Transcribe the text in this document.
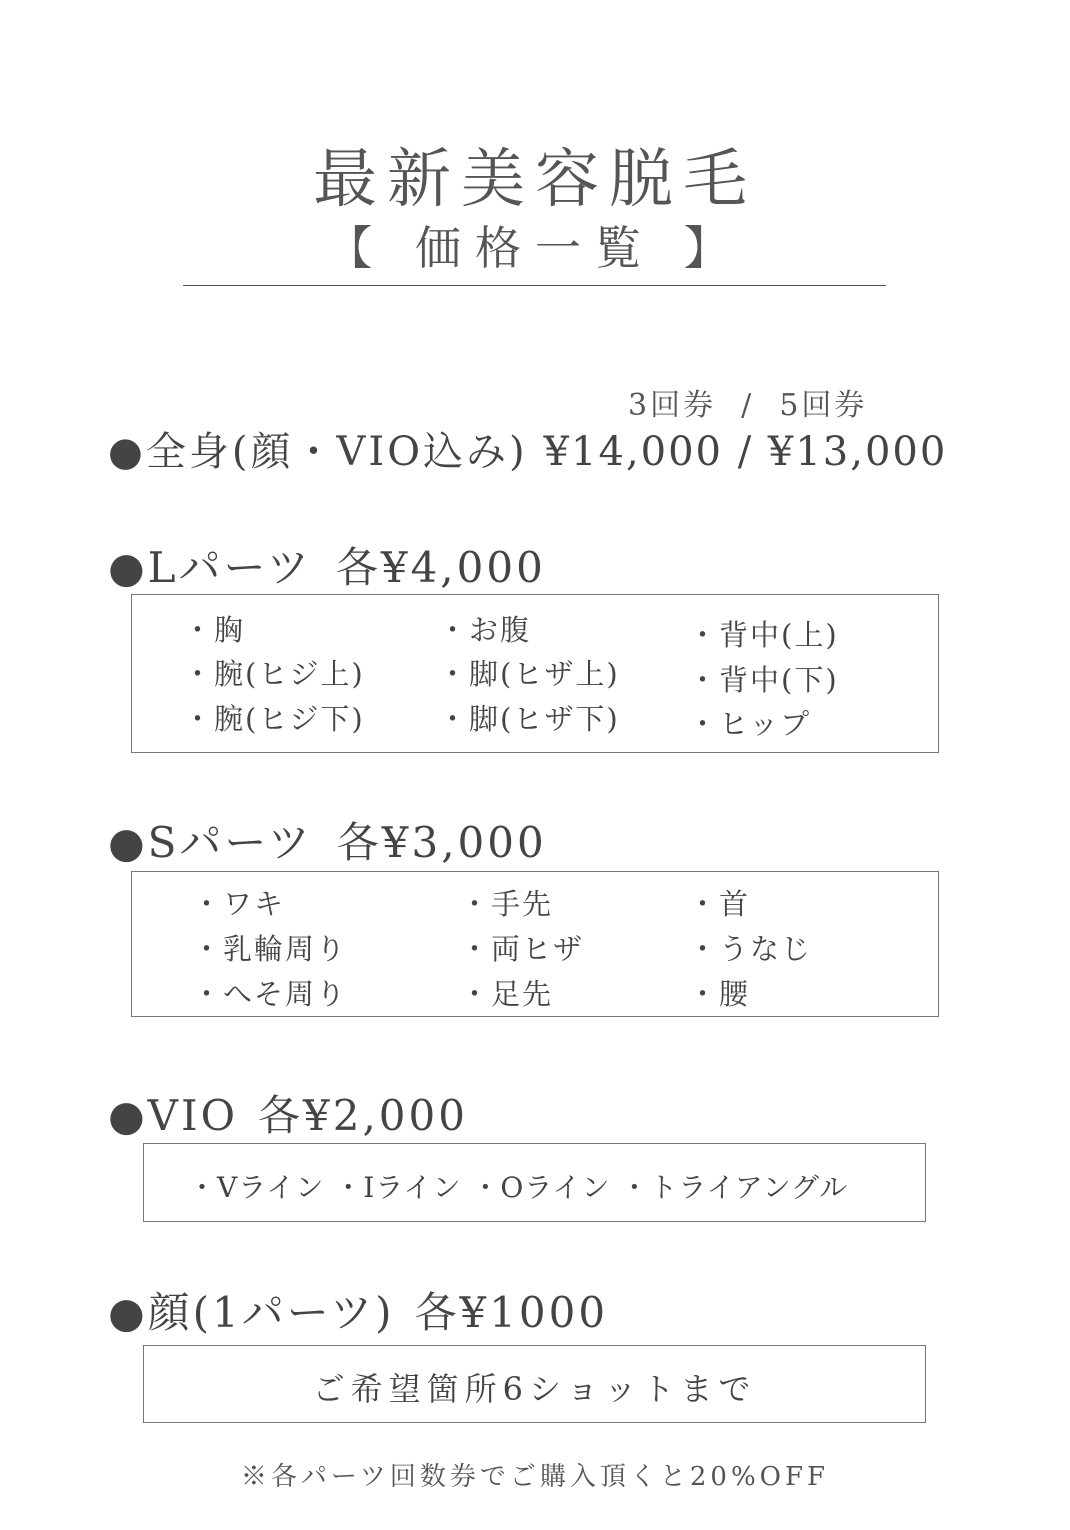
最新美容脱毛
【 価格一覧 】
3回券  /  5回券
●全身(顔・VIO込み) ¥14,000 / ¥13,000
●Lパーツ 各¥4,000
・胸
・腕(ヒジ上)
・腕(ヒジ下)
・お腹
・脚(ヒザ上)
・脚(ヒザ下)
・背中(上)
・背中(下)
・ヒップ
●Sパーツ 各¥3,000
・ワキ
・乳輪周り
・へそ周り
・手先
・両ヒザ
・足先
・首
・うなじ
・腰
●VIO 各¥2,000
・Vライン ・Iライン ・Oライン ・トライアングル
●顔(1パーツ) 各¥1000
ご希望箇所6ショットまで
※各パーツ回数券でご購入頂くと20%OFF
